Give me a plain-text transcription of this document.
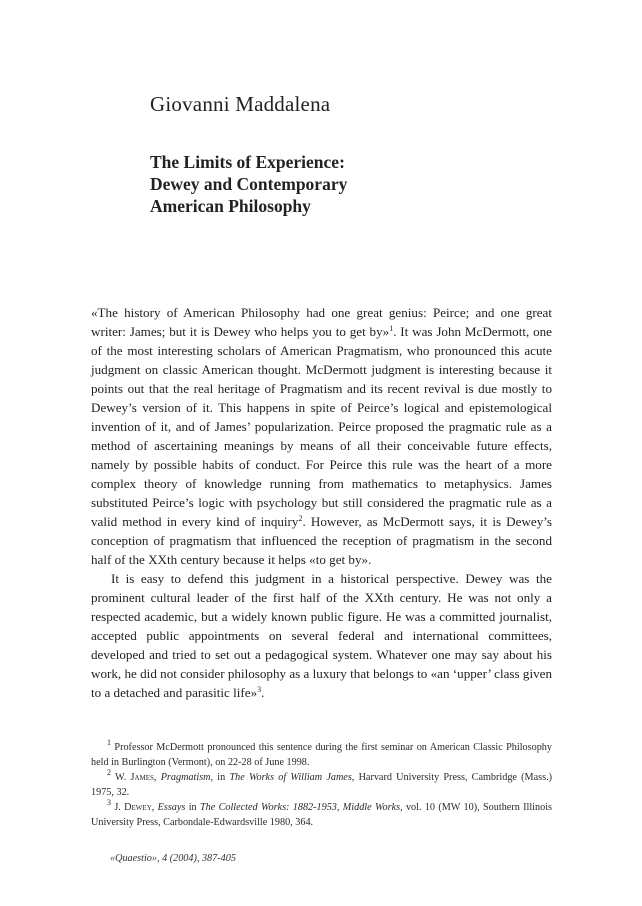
Giovanni Maddalena
The Limits of Experience:
Dewey and Contemporary
American Philosophy

«The history of American Philosophy had one great genius: Peirce; and one great writer: James; but it is Dewey who helps you to get by»$^1$. It was John McDermott, one of the most interesting scholars of American Pragmatism, who pronounced this acute judgment on classic American thought. McDermott judgment is interesting because it points out that the real heritage of Pragmatism and its recent revival is due mostly to Dewey’s version of it. This happens in spite of Peirce’s logical and epistemological invention of it, and of James’ popularization. Peirce proposed the pragmatic rule as a method of ascertaining meanings by means of all their conceivable future effects, namely by possible habits of conduct. For Peirce this rule was the heart of a more complex theory of knowledge running from mathematics to metaphysics. James substituted Peirce’s logic with psychology but still considered the pragmatic rule as a valid method in every kind of inquiry$^2$. However, as McDermott says, it is Dewey’s conception of pragmatism that influenced the reception of pragmatism in the second half of the XXth century because it helps «to get by».

It is easy to defend this judgment in a historical perspective. Dewey was the prominent cultural leader of the first half of the XXth century. He was not only a respected academic, but a widely known public figure. He was a committed journalist, accepted public appointments on several federal and international committees, developed and tried to set out a pedagogical system. Whatever one may say about his work, he did not consider philosophy as a luxury that belongs to «an ‘upper’ class given to a detached and parasitic life»$^3$.

$^1$ Professor McDermott pronounced this sentence during the first seminar on American Classic Philosophy held in Burlington (Vermont), on 22-28 of June 1998.

$^2$ W. James, Pragmatism, in The Works of William James, Harvard University Press, Cambridge (Mass.) 1975, 32.

$^3$ J. Dewey, Essays in The Collected Works: 1882-1953, Middle Works, vol. 10 (MW 10), Southern Illinois University Press, Carbondale-Edwardsville 1980, 364.

«Quaestio», 4 (2004), 387-405
